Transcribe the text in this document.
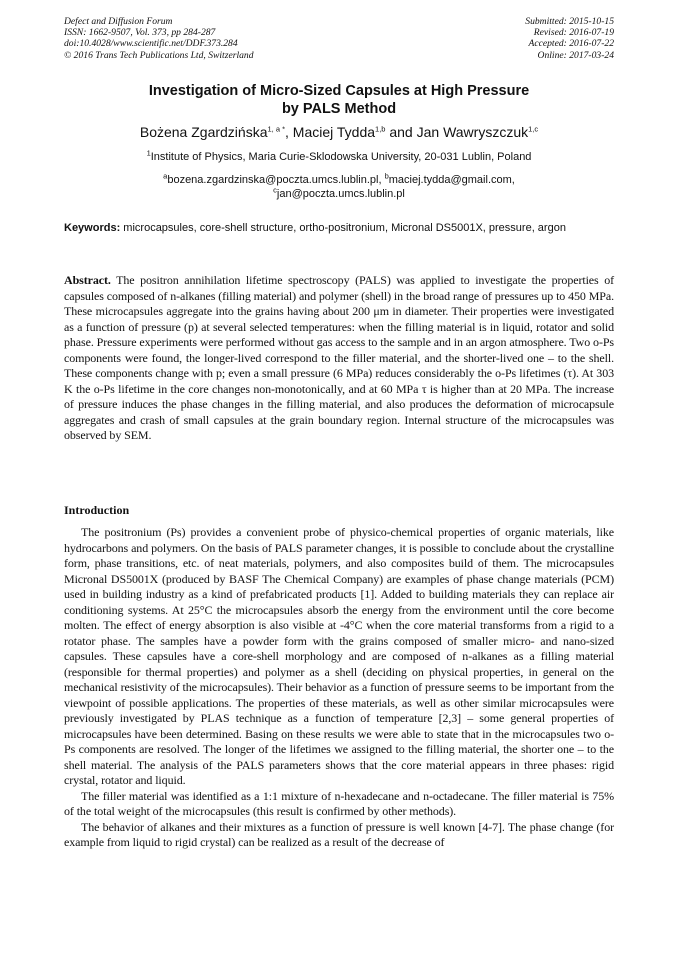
Defect and Diffusion Forum
ISSN: 1662-9507, Vol. 373, pp 284-287
doi:10.4028/www.scientific.net/DDF.373.284
© 2016 Trans Tech Publications Ltd, Switzerland
Submitted: 2015-10-15
Revised: 2016-07-19
Accepted: 2016-07-22
Online: 2017-03-24
Investigation of Micro-Sized Capsules at High Pressure
by PALS Method
Bożena Zgardzińska$^{1, a *}$, Maciej Tydda$^{1,b}$ and Jan Wawryszczuk$^{1,c}$
$^1$Institute of Physics, Maria Curie-Sklodowska University, 20-031 Lublin, Poland
$^a$bozena.zgardzinska@poczta.umcs.lublin.pl, $^b$maciej.tydda@gmail.com,
$^c$jan@poczta.umcs.lublin.pl
Keywords: microcapsules, core-shell structure, ortho-positronium, Micronal DS5001X, pressure, argon
Abstract. The positron annihilation lifetime spectroscopy (PALS) was applied to investigate the properties of capsules composed of n-alkanes (filling material) and polymer (shell) in the broad range of pressures up to 450 MPa. These microcapsules aggregate into the grains having about 200 μm in diameter. Their properties were investigated as a function of pressure (p) at several selected temperatures: when the filling material is in liquid, rotator and solid phase. Pressure experiments were performed without gas access to the sample and in an argon atmosphere. Two o-Ps components were found, the longer-lived correspond to the filler material, and the shorter-lived one – to the shell. These components change with p; even a small pressure (6 MPa) reduces considerably the o-Ps lifetimes (τ). At 303 K the o-Ps lifetime in the core changes non-monotonically, and at 60 MPa τ is higher than at 20 MPa. The increase of pressure induces the phase changes in the filling material, and also produces the deformation of microcapsule aggregates and crash of small capsules at the grain boundary region. Internal structure of the microcapsules was observed by SEM.
Introduction

The positronium (Ps) provides a convenient probe of physico-chemical properties of organic materials, like hydrocarbons and polymers. On the basis of PALS parameter changes, it is possible to conclude about the crystalline form, phase transitions, etc. of neat materials, polymers, and also composites build of them. The microcapsules Micronal DS5001X (produced by BASF The Chemical Company) are examples of phase change materials (PCM) used in building industry as a kind of prefabricated products [1]. Added to building materials they can replace air conditioning systems. At 25°C the microcapsules absorb the energy from the environment until the core become molten. The effect of energy absorption is also visible at -4°C when the core material transforms from a rigid to a rotator phase. The samples have a powder form with the grains composed of smaller micro- and nano-sized capsules. These capsules have a core-shell morphology and are composed of n-alkanes as a filling material (responsible for thermal properties) and polymer as a shell (deciding on physical properties, in general on the mechanical resistivity of the microcapsules). Their behavior as a function of pressure seems to be important from the viewpoint of possible applications. The properties of these materials, as well as other similar microcapsules were previously investigated by PLAS technique as a function of temperature [2,3] – some general properties of microcapsules have been determined. Basing on these results we were able to state that in the microcapsules two o-Ps components are resolved. The longer of the lifetimes we assigned to the filling material, the shorter one – to the shell material. The analysis of the PALS parameters shows that the core material appears in three phases: rigid crystal, rotator and liquid.

The filler material was identified as a 1:1 mixture of n-hexadecane and n-octadecane. The filler material is 75% of the total weight of the microcapsules (this result is confirmed by other methods).

The behavior of alkanes and their mixtures as a function of pressure is well known [4-7]. The phase change (for example from liquid to rigid crystal) can be realized as a result of the decrease of
